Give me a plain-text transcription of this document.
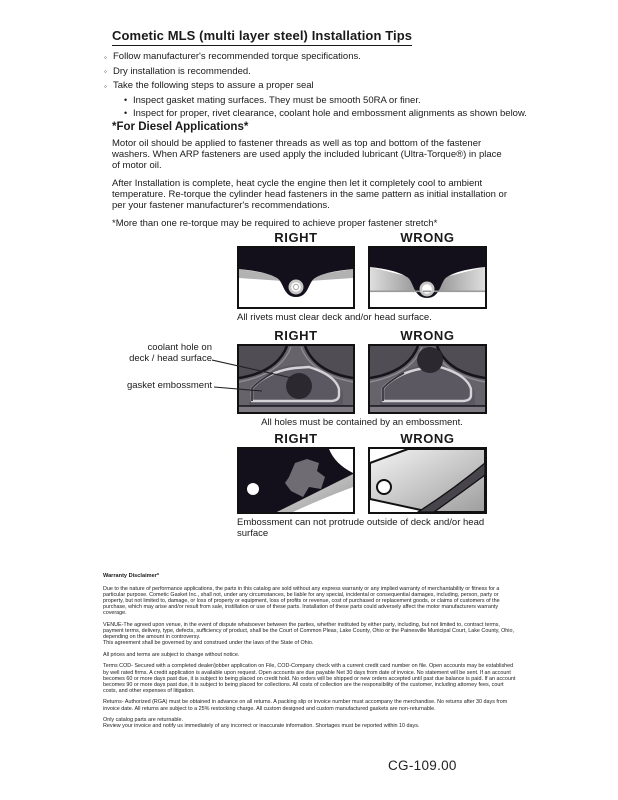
Cometic MLS (multi layer steel) Installation Tips
◦
Follow manufacturer's recommended torque specifications.
◦
Dry installation is recommended.
◦
Take the following steps to assure a proper seal
•
Inspect gasket mating surfaces. They must be smooth 50RA or finer.
•
Inspect for proper, rivet clearance, coolant hole and embossment alignments as shown below.
*For Diesel Applications*

Motor oil should be applied to fastener threads as well as top and bottom of the fastener washers. When ARP fasteners are used apply the included lubricant (Ultra-Torque®) in place of motor oil.

After Installation is complete, heat cycle the engine then let it completely cool to ambient temperature. Re-torque the cylinder head fasteners in the same pattern as initial installation or per your fastener manufacturer's recommendations.

*More than one re-torque may be required to achieve proper fastener stretch*

RIGHT	WRONG
All rivets must clear deck and/or head surface.
RIGHT	WRONG
All holes must be contained by an embossment.
coolant hole on
deck / head surface
gasket embossment
RIGHT	WRONG
Embossment can not protrude outside of deck and/or head surface
Warranty Disclaimer*

Due to the nature of performance applications, the parts in this catalog are sold without any express warranty or any implied warranty of merchantability or fitness for a particular purpose. Cometic Gasket Inc., shall not, under any circumstances, be liable for any special, incidental or consequential damages, including, person, party or property, but not limited to, damage, or loss of property or equipment, loss of profits or revenue, cost of purchased or replacement goods, or claims of customers of the purchase, which may arise and/or result from sale, instillation or use of these parts. Installation of these parts could adversely affect the motor manufacturers warranty coverage.

VENUE-The agreed upon venue, in the event of dispute whatsoever between the parties, whether instituted by either party, including, but not limited to, contract terms, payment terms, delivery, type, defects, sufficiency of product, shall be the Court of Common Pleas, Lake County, Ohio or the Painesville Municipal Court, Lake County, Ohio, depending on the amount in controversy.

This agreement shall be governed by and construed under the laws of the State of Ohio.

All prices and terms are subject to change without notice.

Terms COD- Secured with a completed dealer/jobber application on File, COD-Company check with a current credit card number on file. Open accounts may be established by well rated firms. A credit application is available upon request. Open accounts are due payable Net 30 days from date of invoice. No statement will be sent. If an account becomes 60 or more days past due, it is subject to being placed on credit hold. No orders will be shipped or new orders accepted until past due balance is paid. If an account becomes 90 or more days past due, it is subject to being placed for collections. All costs of collection are the responsibility of the customer, including attorney fees, court costs, and other expenses of litigation.

Returns- Authorized (RGA) must be obtained in advance on all returns. A packing slip or invoice number must accompany the merchandise. No returns after 30 days from invoice date. All returns are subject to a 25% restocking charge. All custom designed and custom manufactured gaskets are non-returnable.

Only catalog parts are returnable.

Review your invoice and notify us immediately of any incorrect or inaccurate information. Shortages must be reported within 10 days.

CG-109.00
